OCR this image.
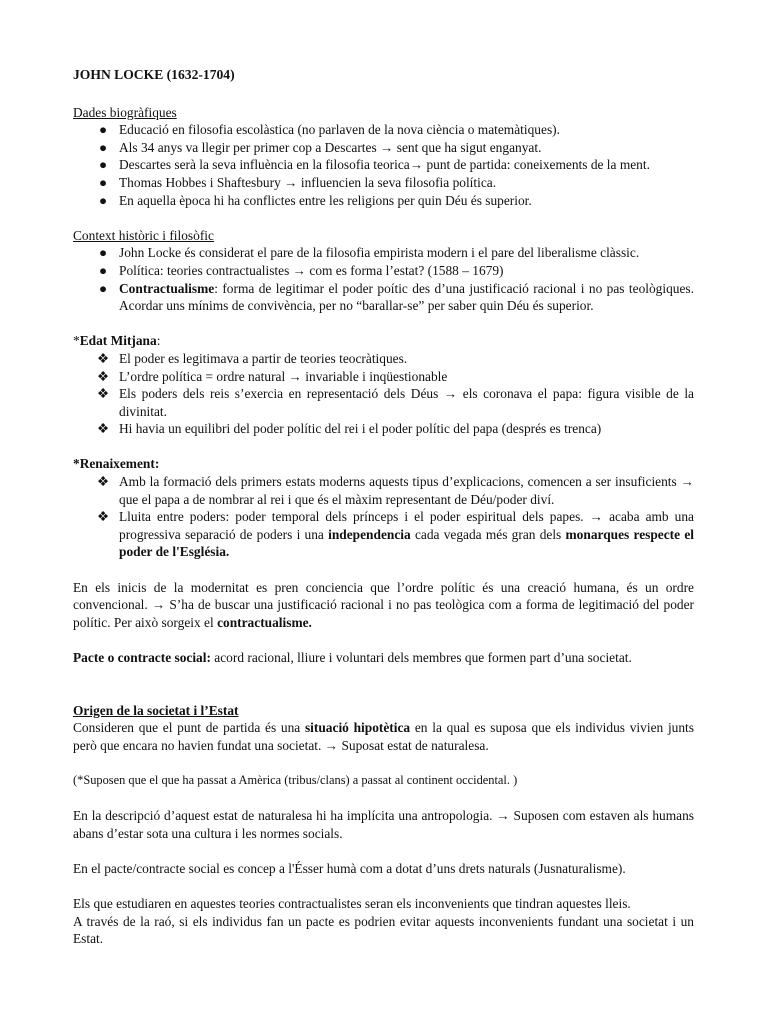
JOHN LOCKE (1632-1704)

Dades biogràfiques

● Educació en filosofia escolàstica (no parlaven de la nova ciència o matemàtiques).
● Als 34 anys va llegir per primer cop a Descartes → sent que ha sigut enganyat.
● Descartes serà la seva influència en la filosofia teorica→ punt de partida: coneixements de la ment.
● Thomas Hobbes i Shaftesbury → influencien la seva filosofia política.
● En aquella època hi ha conflictes entre les religions per quin Déu és superior.

Context històric i filosòfic

● John Locke és considerat el pare de la filosofia empirista modern i el pare del liberalisme clàssic.
● Política: teories contractualistes → com es forma l’estat? (1588 – 1679)
● Contractualisme: forma de legitimar el poder poític des d’una justificació racional i no pas teològiques. Acordar uns mínims de convivència, per no “barallar-se” per saber quin Déu és superior.

*Edat Mitjana:

❖ El poder es legitimava a partir de teories teocràtiques.
❖ L’ordre política = ordre natural → invariable i inqüestionable
❖ Els poders dels reis s’exercia en representació dels Déus → els coronava el papa: figura visible de la divinitat.
❖ Hi havia un equilibri del poder polític del rei i el poder polític del papa (després es trenca)

*Renaixement:

❖ Amb la formació dels primers estats moderns aquests tipus d’explicacions, comencen a ser insuficients → que el papa a de nombrar al rei i que és el màxim representant de Déu/poder diví.
❖ Lluita entre poders: poder temporal dels prínceps i el poder espiritual dels papes. → acaba amb una progressiva separació de poders i una independencia cada vegada més gran dels monarques respecte el poder de l'Església.

En els inicis de la modernitat es pren conciencia que l’ordre polític és una creació humana, és un ordre convencional. → S’ha de buscar una justificació racional i no pas teològica com a forma de legitimació del poder polític. Per això sorgeix el contractualisme.

Pacte o contracte social: acord racional, lliure i voluntari dels membres que formen part d’una societat.

Origen de la societat i l’Estat

Consideren que el punt de partida és una situació hipotètica en la qual es suposa que els individus vivien junts però que encara no havien fundat una societat. → Suposat estat de naturalesa.

(*Suposen que el que ha passat a Amèrica (tribus/clans) a passat al continent occidental. )

En la descripció d’aquest estat de naturalesa hi ha implícita una antropologia. → Suposen com estaven als humans abans d’estar sota una cultura i les normes socials.

En el pacte/contracte social es concep a l'Ésser humà com a dotat d’uns drets naturals (Jusnaturalisme).

Els que estudiaren en aquestes teories contractualistes seran els inconvenients que tindran aquestes lleis.

A través de la raó, si els individus fan un pacte es podrien evitar aquests inconvenients fundant una societat i un Estat.
